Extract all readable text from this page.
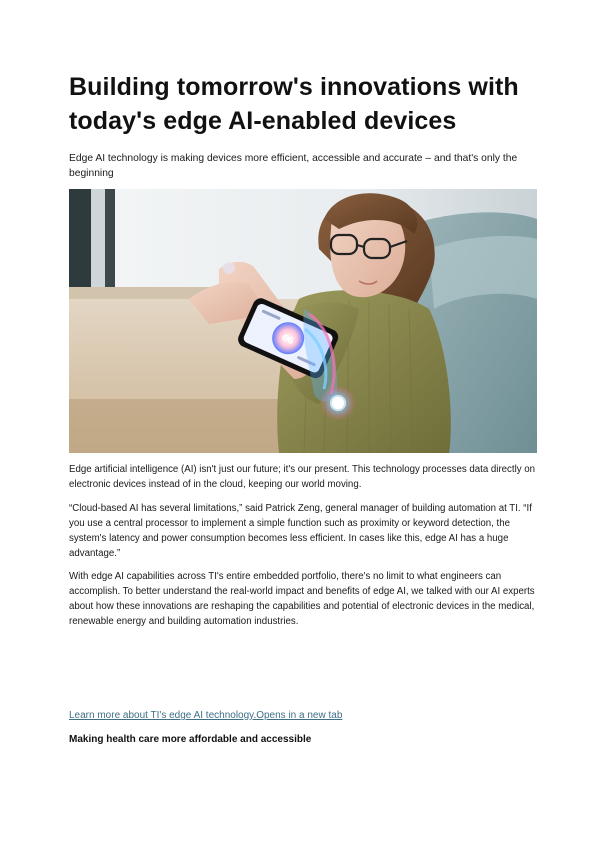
Building tomorrow's innovations with today's edge AI-enabled devices

Edge AI technology is making devices more efficient, accessible and accurate – and that's only the beginning

66

Edge artificial intelligence (AI) isn't just our future; it's our present. This technology processes data directly on electronic devices instead of in the cloud, keeping our world moving.

“Cloud-based AI has several limitations,” said Patrick Zeng, general manager of building automation at TI. “If you use a central processor to implement a simple function such as proximity or keyword detection, the system's latency and power consumption becomes less efficient. In cases like this, edge AI has a huge advantage.”

With edge AI capabilities across TI's entire embedded portfolio, there's no limit to what engineers can accomplish. To better understand the real-world impact and benefits of edge AI, we talked with our AI experts about how these innovations are reshaping the capabilities and potential of electronic devices in the medical, renewable energy and building automation industries.

Learn more about TI's edge AI technology.Opens in a new tab
Making health care more affordable and accessible
